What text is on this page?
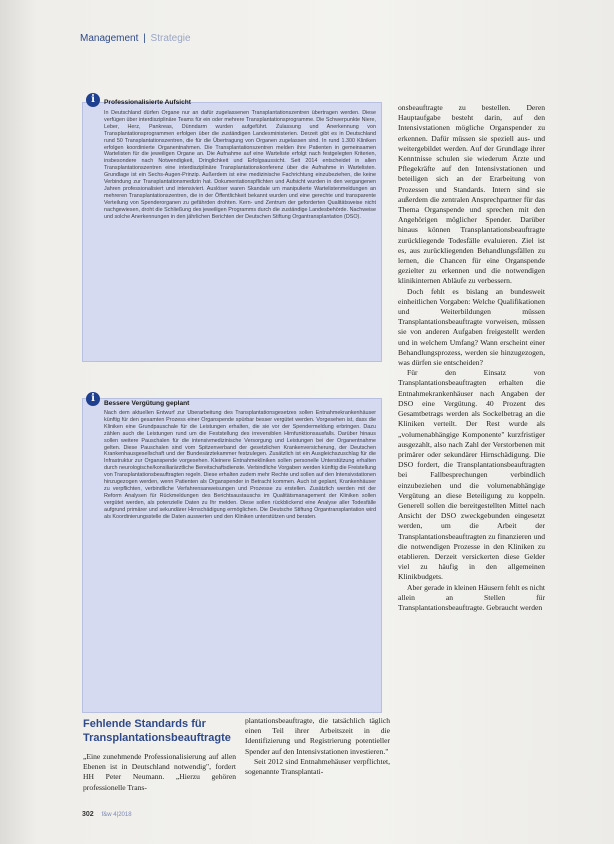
Management | Strategie
i	Professionalisierte Aufsicht
In Deutschland dürfen Organe nur an dafür zugelassenen Transplantationszentren übertragen werden. Diese verfügen über interdisziplinäre Teams für ein oder mehrere Transplantationsprogramme. Die Schwerpunkte Niere, Leber, Herz, Pankreas, Dünndarm wurden aufgeführt. Zulassung und Anerkennung von Transplantationsprogrammen erfolgen über die zuständigen Landesministerien. Derzeit gibt es in Deutschland rund 50 Transplantationszentren, die für die Übertragung von Organen zugelassen sind. In rund 1.300 Kliniken erfolgen koordinierte Organentnahmen. Die Transplantationszentren melden ihre Patienten in gemeinsamen Wartelisten für die jeweiligen Organe an. Die Aufnahme auf eine Warteliste erfolgt nach festgelegten Kriterien, insbesondere nach Notwendigkeit, Dringlichkeit und Erfolgsaussicht. Seit 2014 entscheidet in allen Transplantationszentren eine interdisziplinäre Transplantationskonferenz über die Aufnahme in Wartelisten. Grundlage ist ein Sechs-Augen-Prinzip. Außerdem ist eine medizinische Fachrichtung einzubeziehen, die keine Verbindung zur Transplantationsmedizin hat. Dokumentationspflichten und Aufsicht wurden in den vergangenen Jahren professionalisiert und intensiviert. Auslöser waren Skandale um manipulierte Wartelistenmeldungen an mehreren Transplantationszentren, die in der Öffentlichkeit bekannt wurden und eine gerechte und transparente Verteilung von Spenderorganen zu gefährden drohten. Kern- und Zentrum der geforderten Qualitätsweise nicht nachgewiesen, droht die Schließung des jeweiligen Programms durch die zuständige Landesbehörde. Nachweise und solche Anerkennungen in den jährlichen Berichten der Deutschen Stiftung Organtransplantation (DSO).
i	Bessere Vergütung geplant
Nach dem aktuellen Entwurf zur Überarbeitung des Transplantationsgesetzes sollen Entnahmekrankenhäuser künftig für den gesamten Prozess einer Organspende spürbar besser vergütet werden. Vorgesehen ist, dass die Kliniken eine Grundpauschale für die Leistungen erhalten, die sie vor der Spendermeldung erbringen. Dazu zählen auch die Leistungen rund um die Feststellung des irreversiblen Hirnfunktionsausfalls. Darüber hinaus sollen weitere Pauschalen für die intensivmedizinische Versorgung und Leistungen bei der Organentnahme gelten. Diese Pauschalen sind vom Spitzenverband der gesetzlichen Krankenversicherung, der Deutschen Krankenhausgesellschaft und der Bundesärztekammer festzulegen. Zusätzlich ist ein Ausgleichszuschlag für die Infrastruktur zur Organspende vorgesehen. Kleinere Entnahmekliniken sollen personelle Unterstützung erhalten durch neurologische/konsiliarärztliche Bereitschaftsdienste. Verbindliche Vorgaben werden künftig die Freistellung von Transplantationsbeauftragten regeln. Diese erhalten zudem mehr Rechte und sollen auf den Intensivstationen hinzugezogen werden, wenn Patienten als Organspender in Betracht kommen. Auch ist geplant, Krankenhäuser zu verpflichten, verbindliche Verfahrensanweisungen und Prozesse zu erstellen. Zusätzlich werden mit der Reform Analysen für Rückmeldungen des Berichtsaustauschs im Qualitätsmanagement der Kliniken sollen vergütet werden, als potenzielle Daten zu Ihr melden. Diese sollen rückblickend eine Analyse aller Todesfälle aufgrund primärer und sekundärer Hirnschädigung ermöglichen. Die Deutsche Stiftung Organtransplantation wird als Koordinierungsstelle die Daten auswerten und den Kliniken unterstützen und beraten.
Fehlende Standards für Transplantationsbeauftragte

„Eine zunehmende Professionalisierung auf allen Ebenen ist in Deutschland notwendig", fordert HH Peter Neumann. „Hierzu gehören professionelle Trans-

plantationsbeauftragte, die tatsächlich täglich einen Teil ihrer Arbeitszeit in die Identifizierung und Registrierung potentieller Spender auf den Intensivstationen investieren."

Seit 2012 sind Entnahmehäuser verpflichtet, sogenannte Transplantati-

onsbeauftragte zu bestellen. Deren Hauptaufgabe besteht darin, auf den Intensivstationen mögliche Organspender zu erkennen. Dafür müssen sie speziell aus- und weitergebildet werden. Auf der Grundlage ihrer Kenntnisse schulen sie wiederum Ärzte und Pflegekräfte auf den Intensivstationen und beteiligen sich an der Erarbeitung von Prozessen und Standards. Intern sind sie außerdem die zentralen Ansprechpartner für das Thema Organspende und sprechen mit den Angehörigen möglicher Spender. Darüber hinaus können Transplantationsbeauftragte zurückliegende Todesfälle evaluieren. Ziel ist es, aus zurückliegenden Behandlungsfällen zu lernen, die Chancen für eine Organspende gezielter zu erkennen und die notwendigen klinikinternen Abläufe zu verbessern.

Doch fehlt es bislang an bundesweit einheitlichen Vorgaben: Welche Qualifikationen und Weiterbildungen müssen Transplantationsbeauftragte vorweisen, müssen sie von anderen Aufgaben freigestellt werden und in welchem Umfang? Wann erscheint einer Behandlungsprozess, werden sie hinzugezogen, was dürfen sie entscheiden?

Für den Einsatz von Transplantationsbeauftragten erhalten die Entnahmekrankenhäuser nach Angaben der DSO eine Vergütung. 40 Prozent des Gesamtbetrags werden als Sockelbetrag an die Kliniken verteilt. Der Rest wurde als „volumenabhängige Komponente" kurzfristiger ausgezahlt, also nach Zahl der Verstorbenen mit primärer oder sekundärer Hirnschädigung. Die DSO fordert, die Transplantationsbeauftragten bei Fallbesprechungen verbindlich einzubeziehen und die volumenabhängige Vergütung an diese Beteiligung zu koppeln. Generell sollen die bereitgestellten Mittel nach Ansicht der DSO zweckgebunden eingesetzt werden, um die Arbeit der Transplantationsbeauftragten zu finanzieren und die notwendigen Prozesse in den Kliniken zu etablieren. Derzeit versickerten diese Gelder viel zu häufig in den allgemeinen Klinikbudgets.

Aber gerade in kleinen Häusern fehlt es nicht allein an Stellen für Transplantationsbeauftragte. Gebraucht werden

302 f&w 4|2018
